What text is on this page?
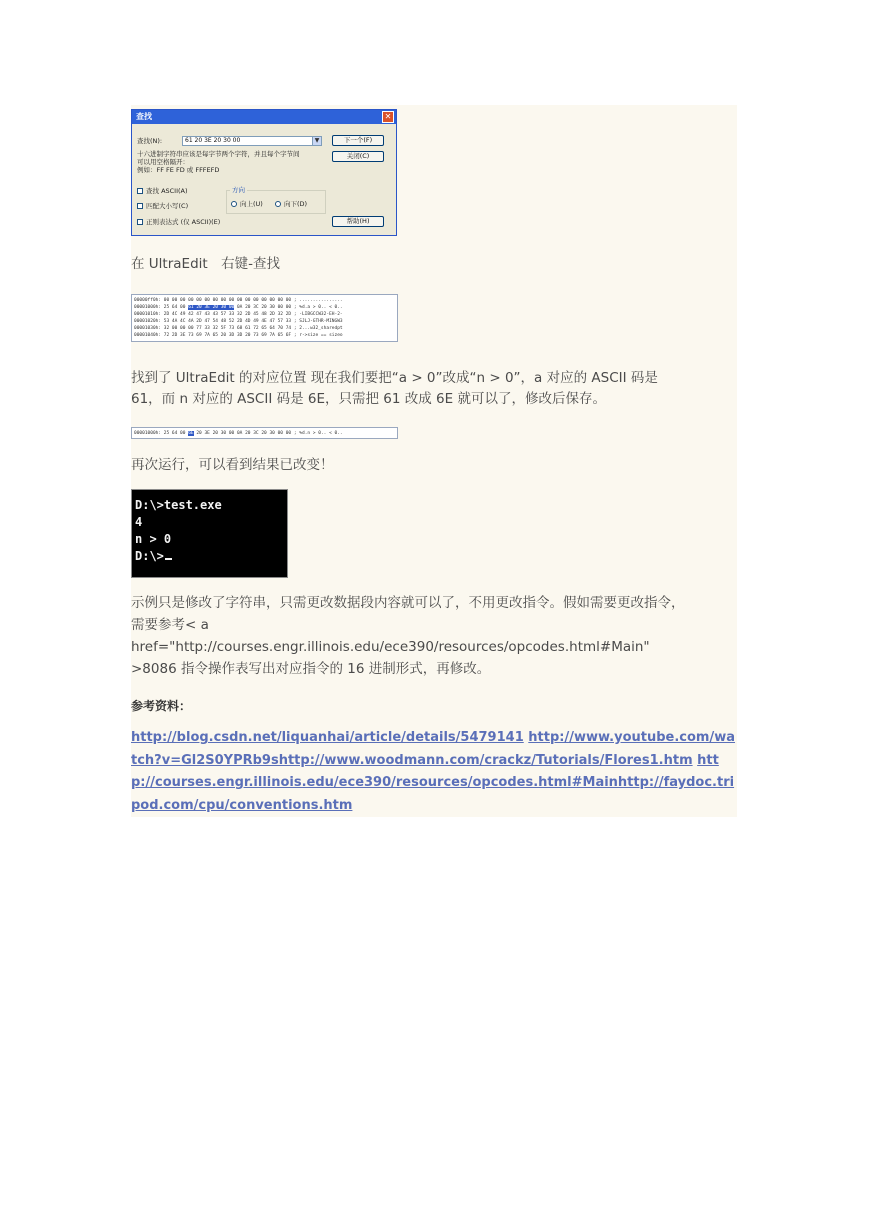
查找	✕
查找(N):	61 20 3E 20 30 00	▼	下一个(F)
关闭(C)
十六进制字符串应该是每字节两个字符，并且每个字节间
可以用空格隔开：
例如：FF FE FD 或 FFFEFD
查找 ASCII(A)
匹配大小写(C)
正则表达式 (仅 ASCII)(E)
方向
向上(U)	向下(D)
帮助(H)
在 UltraEdit　右键-查找
00000ff0h: 00 00 00 00 00 00 00 00 00 00 00 00 00 00 00 00 ; ................
00001000h: 25 64 00 61 20 3E 20 30 00 0A 20 3C 20 30 00 00 ; %d.a > 0.. < 0..
00001010h: 2D 4C 49 42 47 43 43 57 33 32 2D 45 48 2D 32 2D ; -LIBGCCW32-EH-2-
00001020h: 53 4A 4C 4A 2D 47 54 48 52 2D 4D 49 4E 47 57 33 ; SJLJ-GTHR-MINGW3
00001030h: 32 00 00 00 77 33 32 5F 73 68 61 72 65 64 70 74 ; 2...w32_sharedpt
00001040h: 72 2D 3E 73 69 7A 65 20 3D 3D 20 73 69 7A 65 6F ; r->size == sizeo
找到了 UltraEdit 的对应位置 现在我们要把“a > 0”改成“n > 0”，a 对应的 ASCII 码是
61，而 n 对应的 ASCII 码是 6E，只需把 61 改成 6E 就可以了，修改后保存。
00001000h: 25 64 00 6E 20 3E 20 30 00 0A 20 3C 20 30 00 00 ; %d.n > 0.. < 0..
再次运行，可以看到结果已改变！
D:\>test.exe
4
n > 0
D:\>
示例只是修改了字符串，只需更改数据段内容就可以了，不用更改指令。假如需要更改指令，
需要参考< a
href="http://courses.engr.illinois.edu/ece390/resources/opcodes.html#Main"
>8086 指令操作表写出对应指令的 16 进制形式，再修改。
参考资料：
http://blog.csdn.net/liquanhai/article/details/5479141 http://www.youtube.com/watch?v=Gl2S0YPRb9shttp://www.woodmann.com/crackz/Tutorials/Flores1.htm http://courses.engr.illinois.edu/ece390/resources/opcodes.html#Mainhttp://faydoc.tripod.com/cpu/conventions.htm
